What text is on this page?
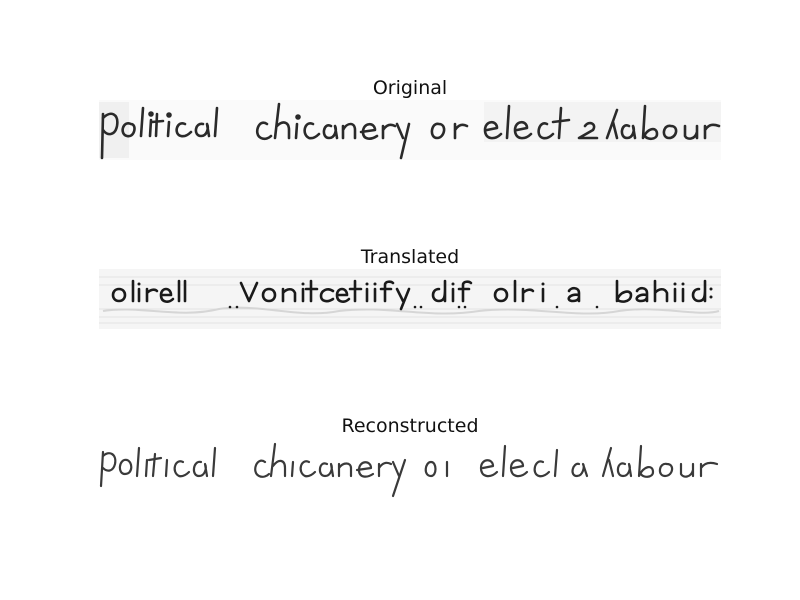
Original
Translated
Reconstructed
